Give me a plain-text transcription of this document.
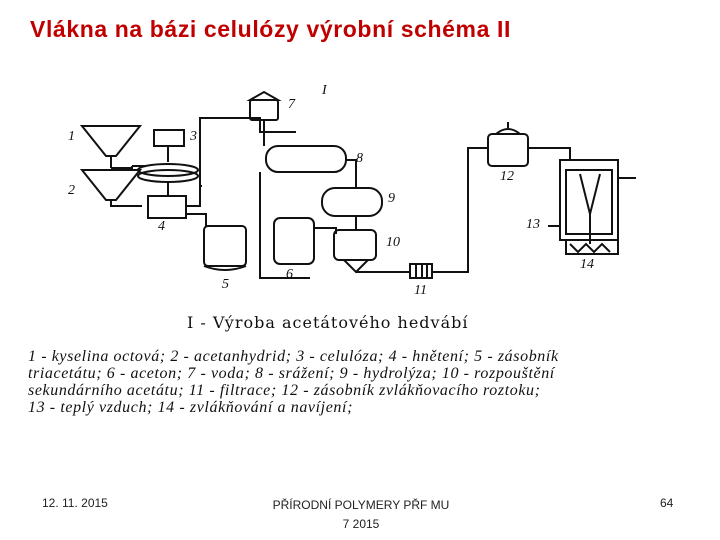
Vlákna na bázi celulózy výrobní schéma II
1
2
3
4
5
6
7
8
9
10
11
12
13
14
I
I - Výroba acetátového hedvábí
1 - kyselina octová; 2 - acetanhydrid; 3 - celulóza; 4 - hnětení; 5 - zásobník
triacetátu; 6 - aceton; 7 - voda; 8 - srážení; 9 - hydrolýza; 10 - rozpouštění
sekundárního acetátu; 11 - filtrace; 12 - zásobník zvlákňovacího roztoku;
13 - teplý vzduch; 14 - zvlákňování a navíjení;
12. 11. 2015	PŘÍRODNÍ POLYMERY PŘF MU
7 2015
64
